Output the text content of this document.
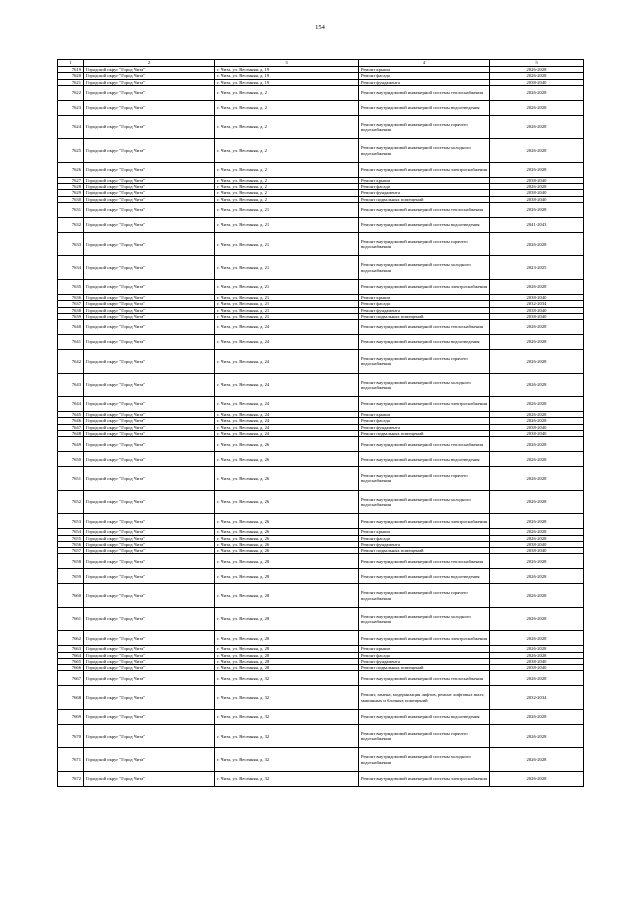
154
1	2	3	4	5
7619	Городской округ "Город Чита"	г. Чита, ул. Весенняя, д. 19	Ремонт крыши	2026-2028
7620	Городской округ "Город Чита"	г. Чита, ул. Весенняя, д. 19	Ремонт фасада	2026-2028
7621	Городской округ "Город Чита"	г. Чита, ул. Весенняя, д. 19	Ремонт фундамента	2038-2040
7622	Городской округ "Город Чита"	г. Чита, ул. Весенняя, д. 2	Ремонт внутридомовой инженерной системы теплоснабжения	2026-2028
7623	Городской округ "Город Чита"	г. Чита, ул. Весенняя, д. 2	Ремонт внутридомовой инженерной системы водоотведения	2026-2028
7624	Городской округ "Город Чита"	г. Чита, ул. Весенняя, д. 2	Ремонт внутридомовой инженерной системы горячего водоснабжения	2026-2028
7625	Городской округ "Город Чита"	г. Чита, ул. Весенняя, д. 2	Ремонт внутридомовой инженерной системы холодного водоснабжения	2026-2028
7626	Городской округ "Город Чита"	г. Чита, ул. Весенняя, д. 2	Ремонт внутридомовой инженерной системы электроснабжения	2026-2028
7627	Городской округ "Город Чита"	г. Чита, ул. Весенняя, д. 2	Ремонт крыши	2038-2040
7628	Городской округ "Город Чита"	г. Чита, ул. Весенняя, д. 2	Ремонт фасада	2026-2028
7629	Городской округ "Город Чита"	г. Чита, ул. Весенняя, д. 2	Ремонт фундамента	2038-2040
7630	Городской округ "Город Чита"	г. Чита, ул. Весенняя, д. 2	Ремонт подвальных помещений	2038-2040
7631	Городской округ "Город Чита"	г. Чита, ул. Весенняя, д. 21	Ремонт внутридомовой инженерной системы теплоснабжения	2026-2028
7632	Городской округ "Город Чита"	г. Чита, ул. Весенняя, д. 21	Ремонт внутридомовой инженерной системы водоотведения	2041-2043
7633	Городской округ "Город Чита"	г. Чита, ул. Весенняя, д. 21	Ремонт внутридомовой инженерной системы горячего водоснабжения	2026-2028
7634	Городской округ "Город Чита"	г. Чита, ул. Весенняя, д. 21	Ремонт внутридомовой инженерной системы холодного водоснабжения	2023-2025
7635	Городской округ "Город Чита"	г. Чита, ул. Весенняя, д. 21	Ремонт внутридомовой инженерной системы электроснабжения	2026-2028
7636	Городской округ "Город Чита"	г. Чита, ул. Весенняя, д. 21	Ремонт крыши	2038-2040
7637	Городской округ "Город Чита"	г. Чита, ул. Весенняя, д. 21	Ремонт фасада	2032-2034
7638	Городской округ "Город Чита"	г. Чита, ул. Весенняя, д. 21	Ремонт фундамента	2038-2040
7639	Городской округ "Город Чита"	г. Чита, ул. Весенняя, д. 21	Ремонт подвальных помещений	2038-2040
7640	Городской округ "Город Чита"	г. Чита, ул. Весенняя, д. 24	Ремонт внутридомовой инженерной системы теплоснабжения	2026-2028
7641	Городской округ "Город Чита"	г. Чита, ул. Весенняя, д. 24	Ремонт внутридомовой инженерной системы водоотведения	2026-2028
7642	Городской округ "Город Чита"	г. Чита, ул. Весенняя, д. 24	Ремонт внутридомовой инженерной системы горячего водоснабжения	2026-2028
7643	Городской округ "Город Чита"	г. Чита, ул. Весенняя, д. 24	Ремонт внутридомовой инженерной системы холодного водоснабжения	2026-2028
7644	Городской округ "Город Чита"	г. Чита, ул. Весенняя, д. 24	Ремонт внутридомовой инженерной системы электроснабжения	2026-2028
7645	Городской округ "Город Чита"	г. Чита, ул. Весенняя, д. 24	Ремонт крыши	2026-2028
7646	Городской округ "Город Чита"	г. Чита, ул. Весенняя, д. 24	Ремонт фасада	2026-2028
7647	Городской округ "Город Чита"	г. Чита, ул. Весенняя, д. 24	Ремонт фундамента	2038-2040
7648	Городской округ "Город Чита"	г. Чита, ул. Весенняя, д. 24	Ремонт подвальных помещений	2038-2040
7649	Городской округ "Город Чита"	г. Чита, ул. Весенняя, д. 26	Ремонт внутридомовой инженерной системы теплоснабжения	2026-2028
7650	Городской округ "Город Чита"	г. Чита, ул. Весенняя, д. 26	Ремонт внутридомовой инженерной системы водоотведения	2026-2028
7651	Городской округ "Город Чита"	г. Чита, ул. Весенняя, д. 26	Ремонт внутридомовой инженерной системы горячего водоснабжения	2026-2028
7652	Городской округ "Город Чита"	г. Чита, ул. Весенняя, д. 26	Ремонт внутридомовой инженерной системы холодного водоснабжения	2026-2028
7653	Городской округ "Город Чита"	г. Чита, ул. Весенняя, д. 26	Ремонт внутридомовой инженерной системы электроснабжения	2026-2028
7654	Городской округ "Город Чита"	г. Чита, ул. Весенняя, д. 26	Ремонт крыши	2026-2028
7655	Городской округ "Город Чита"	г. Чита, ул. Весенняя, д. 26	Ремонт фасада	2026-2028
7656	Городской округ "Город Чита"	г. Чита, ул. Весенняя, д. 26	Ремонт фундамента	2038-2040
7657	Городской округ "Город Чита"	г. Чита, ул. Весенняя, д. 26	Ремонт подвальных помещений	2038-2040
7658	Городской округ "Город Чита"	г. Чита, ул. Весенняя, д. 28	Ремонт внутридомовой инженерной системы теплоснабжения	2026-2028
7659	Городской округ "Город Чита"	г. Чита, ул. Весенняя, д. 28	Ремонт внутридомовой инженерной системы водоотведения	2026-2028
7660	Городской округ "Город Чита"	г. Чита, ул. Весенняя, д. 28	Ремонт внутридомовой инженерной системы горячего водоснабжения	2026-2028
7661	Городской округ "Город Чита"	г. Чита, ул. Весенняя, д. 28	Ремонт внутридомовой инженерной системы холодного водоснабжения	2026-2028
7662	Городской округ "Город Чита"	г. Чита, ул. Весенняя, д. 28	Ремонт внутридомовой инженерной системы электроснабжения	2026-2028
7663	Городской округ "Город Чита"	г. Чита, ул. Весенняя, д. 28	Ремонт крыши	2026-2028
7664	Городской округ "Город Чита"	г. Чита, ул. Весенняя, д. 28	Ремонт фасада	2026-2028
7665	Городской округ "Город Чита"	г. Чита, ул. Весенняя, д. 28	Ремонт фундамента	2038-2040
7666	Городской округ "Город Чита"	г. Чита, ул. Весенняя, д. 28	Ремонт подвальных помещений	2038-2040
7667	Городской округ "Город Чита"	г. Чита, ул. Весенняя, д. 32	Ремонт внутридомовой инженерной системы теплоснабжения	2026-2028
7668	Городской округ "Город Чита"	г. Чита, ул. Весенняя, д. 32	Ремонт, замена, модернизация лифтов, ремонт лифтовых шахт, машинных и блочных помещений	2032-2034
7669	Городской округ "Город Чита"	г. Чита, ул. Весенняя, д. 32	Ремонт внутридомовой инженерной системы водоотведения	2026-2028
7670	Городской округ "Город Чита"	г. Чита, ул. Весенняя, д. 32	Ремонт внутридомовой инженерной системы горячего водоснабжения	2026-2028
7671	Городской округ "Город Чита"	г. Чита, ул. Весенняя, д. 32	Ремонт внутридомовой инженерной системы холодного водоснабжения	2026-2028
7672	Городской округ "Город Чита"	г. Чита, ул. Весенняя, д. 32	Ремонт внутридомовой инженерной системы электроснабжения	2026-2028
